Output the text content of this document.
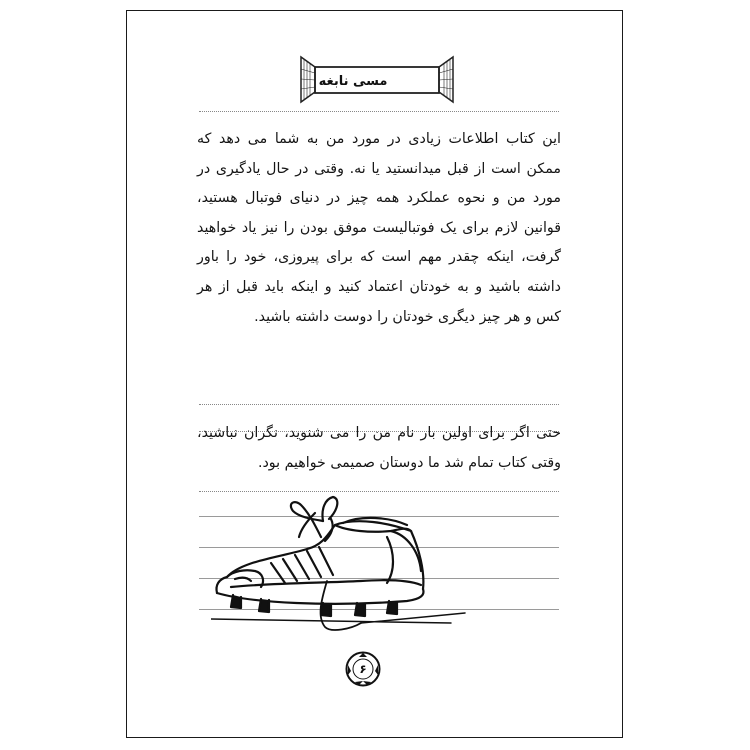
مسی نابغه

این کتاب اطلاعات زیادی در مورد من به شما می دهد که ممکن است از قبل میدانستید یا نه. وقتی در حال یادگیری در مورد من و نحوه عملکرد همه چیز در دنیای فوتبال هستید، قوانین لازم برای یک فوتبالیست موفق بودن را نیز یاد خواهید گرفت، اینکه چقدر مهم است که برای پیروزی، خود را باور داشته باشید و به خودتان اعتماد کنید و اینکه باید قبل از هر کس و هر چیز دیگری خودتان را دوست داشته باشید.

حتی اگر برای اولین بار نام من را می شنوید، نگران نباشید، وقتی کتاب تمام شد ما دوستان صمیمی خواهیم بود.

۶
